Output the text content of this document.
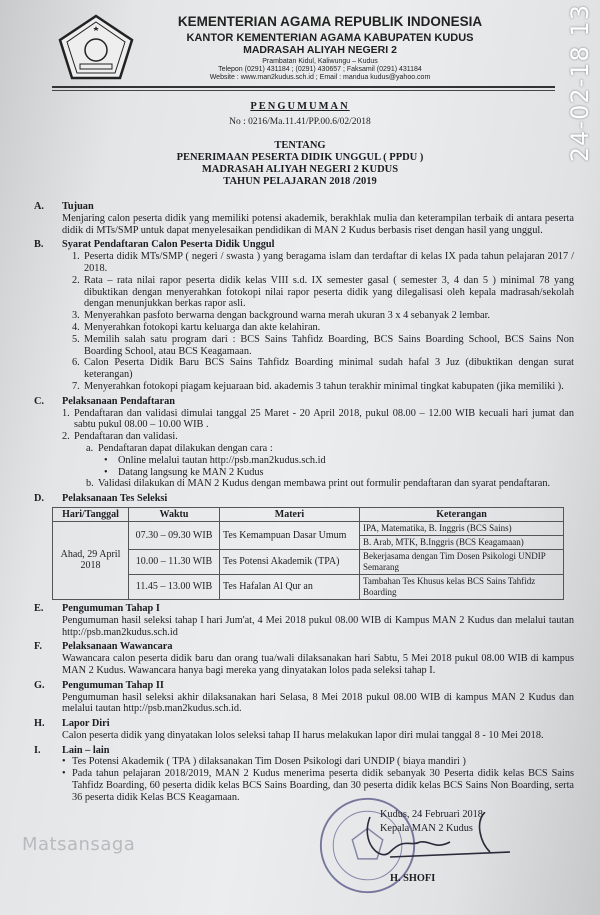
KEMENTERIAN AGAMA REPUBLIK INDONESIA
KANTOR KEMENTERIAN AGAMA KABUPATEN KUDUS
MADRASAH ALIYAH NEGERI 2
Prambatan Kidul, Kaliwungu – Kudus
Telepon (0291) 431184 ; (0291) 430657 ; Faksamil (0291) 431184
Website : www.man2kudus.sch.id ; Email : mandua kudus@yahoo.com
PENGUMUMAN
No : 0216/Ma.11.41/PP.00.6/02/2018
TENTANG
PENERIMAAN PESERTA DIDIK UNGGUL ( PPDU )
MADRASAH ALIYAH NEGERI 2 KUDUS
TAHUN PELAJARAN 2018 /2019
A.	Tujuan
Menjaring calon peserta didik yang memiliki potensi akademik, berakhlak mulia dan keterampilan terbaik di antara peserta didik di MTs/SMP untuk dapat menyelesaikan pendidikan di MAN 2 Kudus berbasis riset dengan hasil yang unggul.
B.	Syarat Pendaftaran Calon Peserta Didik Unggul
1. Peserta didik MTs/SMP ( negeri / swasta ) yang beragama islam dan terdaftar di kelas IX pada tahun pelajaran 2017 / 2018.
2. Rata – rata nilai rapor peserta didik kelas VIII s.d. IX semester gasal ( semester 3, 4 dan 5 ) minimal 78 yang dibuktikan dengan menyerahkan fotokopi nilai rapor peserta didik yang dilegalisasi oleh kepala madrasah/sekolah dengan menunjukkan berkas rapor asli.
3. Menyerahkan pasfoto berwarna dengan background warna merah ukuran 3 x 4 sebanyak 2 lembar.
4. Menyerahkan fotokopi kartu keluarga dan akte kelahiran.
5. Memilih salah satu program dari : BCS Sains Tahfidz Boarding, BCS Sains Boarding School, BCS Sains Non Boarding School, atau BCS Keagamaan.
6. Calon Peserta Didik Baru BCS Sains Tahfidz Boarding minimal sudah hafal 3 Juz (dibuktikan dengan surat keterangan)
7. Menyerahkan fotokopi piagam kejuaraan bid. akademis 3 tahun terakhir minimal tingkat kabupaten (jika memiliki ).
C.	Pelaksanaan Pendaftaran
1. Pendaftaran dan validasi dimulai tanggal 25 Maret - 20 April 2018, pukul 08.00 – 12.00 WIB kecuali hari jumat dan sabtu pukul 08.00 – 10.00 WIB .
2. Pendaftaran dan validasi.
a. Pendaftaran dapat dilakukan dengan cara :
•	Online melalui tautan http://psb.man2kudus.sch.id
•	Datang langsung ke MAN 2 Kudus
b. Validasi dilakukan di MAN 2 Kudus dengan membawa print out formulir pendaftaran dan syarat pendaftaran.
D.	Pelaksanaan Tes Seleksi
Hari/Tanggal	Waktu	Materi	Keterangan
Ahad, 29 April 2018	07.30 – 09.30 WIB	Tes Kemampuan Dasar Umum	IPA, Matematika, B. Inggris (BCS Sains)
			B. Arab, MTK, B.Inggris (BCS Keagamaan)
	10.00 – 11.30 WIB	Tes Potensi Akademik (TPA)	Bekerjasama dengan Tim Dosen Psikologi UNDIP Semarang
	11.45 – 13.00 WIB	Tes Hafalan Al Qur an	Tambahan Tes Khusus kelas BCS Sains Tahfidz Boarding
E.	Pengumuman Tahap I
Pengumuman hasil seleksi tahap I hari Jum'at, 4 Mei 2018 pukul 08.00 WIB di Kampus MAN 2 Kudus dan melalui tautan http://psb.man2kudus.sch.id
F.	Pelaksanaan Wawancara
Wawancara calon peserta didik baru dan orang tua/wali dilaksanakan hari Sabtu, 5 Mei 2018 pukul 08.00 WIB di kampus MAN 2 Kudus. Wawancara hanya bagi mereka yang dinyatakan lolos pada seleksi tahap I.
G.	Pengumuman Tahap II
Pengumuman hasil seleksi akhir dilaksanakan hari Selasa, 8 Mei 2018 pukul 08.00 WIB di kampus MAN 2 Kudus dan melalui tautan http://psb.man2kudus.sch.id.
H.	Lapor Diri
Calon peserta didik yang dinyatakan lolos seleksi tahap II harus melakukan lapor diri mulai tanggal 8 - 10 Mei 2018.
I.	Lain – lain
• Tes Potensi Akademik ( TPA ) dilaksanakan Tim Dosen Psikologi dari UNDIP ( biaya mandiri )
• Pada tahun pelajaran 2018/2019, MAN 2 Kudus menerima peserta didik sebanyak 30 Peserta didik kelas BCS Sains Tahfidz Boarding, 60 peserta didik kelas BCS Sains Boarding, dan 30 peserta didik kelas BCS Sains Non Boarding, serta 36 peserta didik Kelas BCS Keagamaan.
Matsansaga
Kudus, 24 Februari 2018
Kepala MAN 2 Kudus
H. SHOFI
24-02-18 13
